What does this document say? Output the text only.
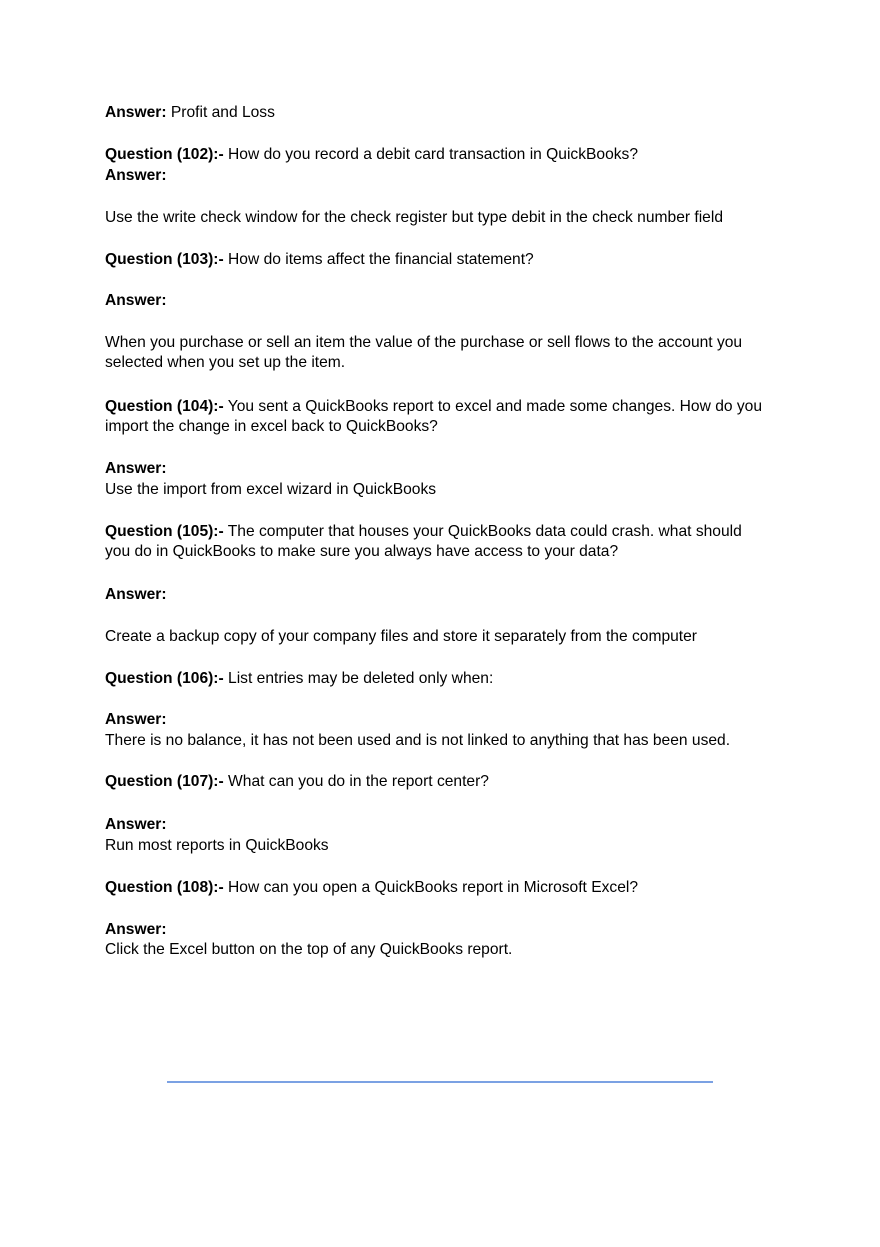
Answer: Profit and Loss
Question (102):- How do you record a debit card transaction in QuickBooks?
Answer:
Use the write check window for the check register but type debit in the check number field
Question (103):- How do items affect the financial statement?
Answer:
When you purchase or sell an item the value of the purchase or sell flows to the account you
selected when you set up the item.
Question (104):- You sent a QuickBooks report to excel and made some changes. How do you
import the change in excel back to QuickBooks?
Answer:
Use the import from excel wizard in QuickBooks
Question (105):- The computer that houses your QuickBooks data could crash. what should
you do in QuickBooks to make sure you always have access to your data?
Answer:
Create a backup copy of your company files and store it separately from the computer
Question (106):- List entries may be deleted only when:
Answer:
There is no balance, it has not been used and is not linked to anything that has been used.
Question (107):- What can you do in the report center?
Answer:
Run most reports in QuickBooks
Question (108):- How can you open a QuickBooks report in Microsoft Excel?
Answer:
Click the Excel button on the top of any QuickBooks report.
